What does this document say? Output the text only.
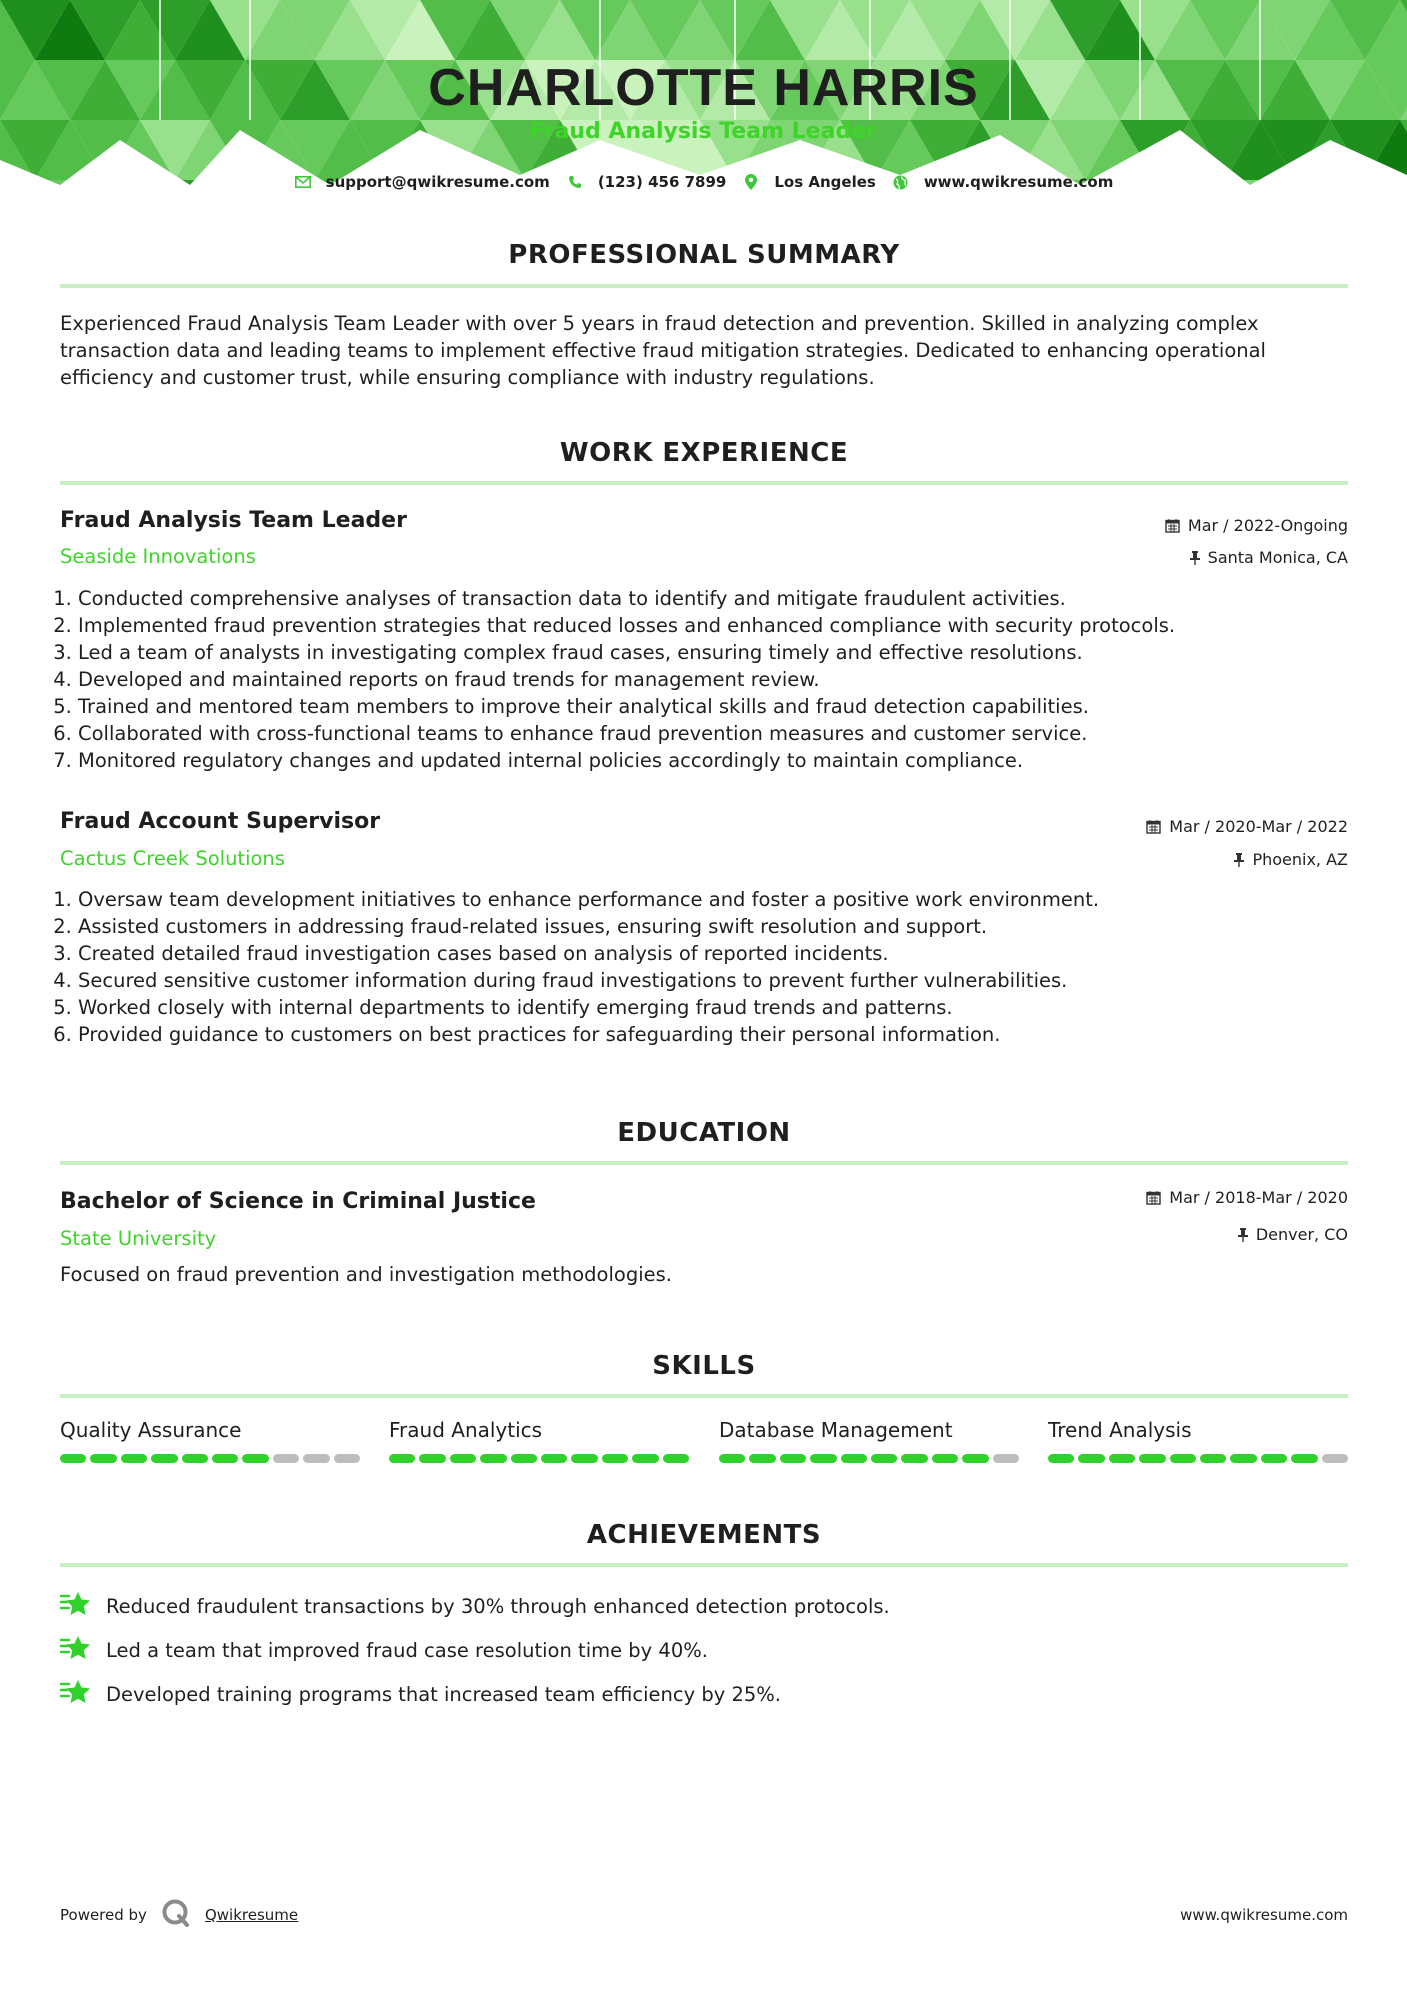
CHARLOTTE HARRIS
Fraud Analysis Team Leader
support@qwikresume.com	(123) 456 7899	Los Angeles	www.qwikresume.com
PROFESSIONAL SUMMARY
Experienced Fraud Analysis Team Leader with over 5 years in fraud detection and prevention. Skilled in analyzing complex transaction data and leading teams to implement effective fraud mitigation strategies. Dedicated to enhancing operational efficiency and customer trust, while ensuring compliance with industry regulations.
WORK EXPERIENCE
Fraud Analysis Team Leader
Seaside Innovations
Mar / 2022-Ongoing
Santa Monica, CA
1. Conducted comprehensive analyses of transaction data to identify and mitigate fraudulent activities.
2. Implemented fraud prevention strategies that reduced losses and enhanced compliance with security protocols.
3. Led a team of analysts in investigating complex fraud cases, ensuring timely and effective resolutions.
4. Developed and maintained reports on fraud trends for management review.
5. Trained and mentored team members to improve their analytical skills and fraud detection capabilities.
6. Collaborated with cross-functional teams to enhance fraud prevention measures and customer service.
7. Monitored regulatory changes and updated internal policies accordingly to maintain compliance.
Fraud Account Supervisor
Cactus Creek Solutions
Mar / 2020-Mar / 2022
Phoenix, AZ
1. Oversaw team development initiatives to enhance performance and foster a positive work environment.
2. Assisted customers in addressing fraud-related issues, ensuring swift resolution and support.
3. Created detailed fraud investigation cases based on analysis of reported incidents.
4. Secured sensitive customer information during fraud investigations to prevent further vulnerabilities.
5. Worked closely with internal departments to identify emerging fraud trends and patterns.
6. Provided guidance to customers on best practices for safeguarding their personal information.
EDUCATION
Bachelor of Science in Criminal Justice
State University
Mar / 2018-Mar / 2020
Denver, CO
Focused on fraud prevention and investigation methodologies.
SKILLS
Quality Assurance	Fraud Analytics	Database Management	Trend Analysis
ACHIEVEMENTS
Reduced fraudulent transactions by 30% through enhanced detection protocols.
Led a team that improved fraud case resolution time by 40%.
Developed training programs that increased team efficiency by 25%.
Powered by	Qwikresume	www.qwikresume.com
